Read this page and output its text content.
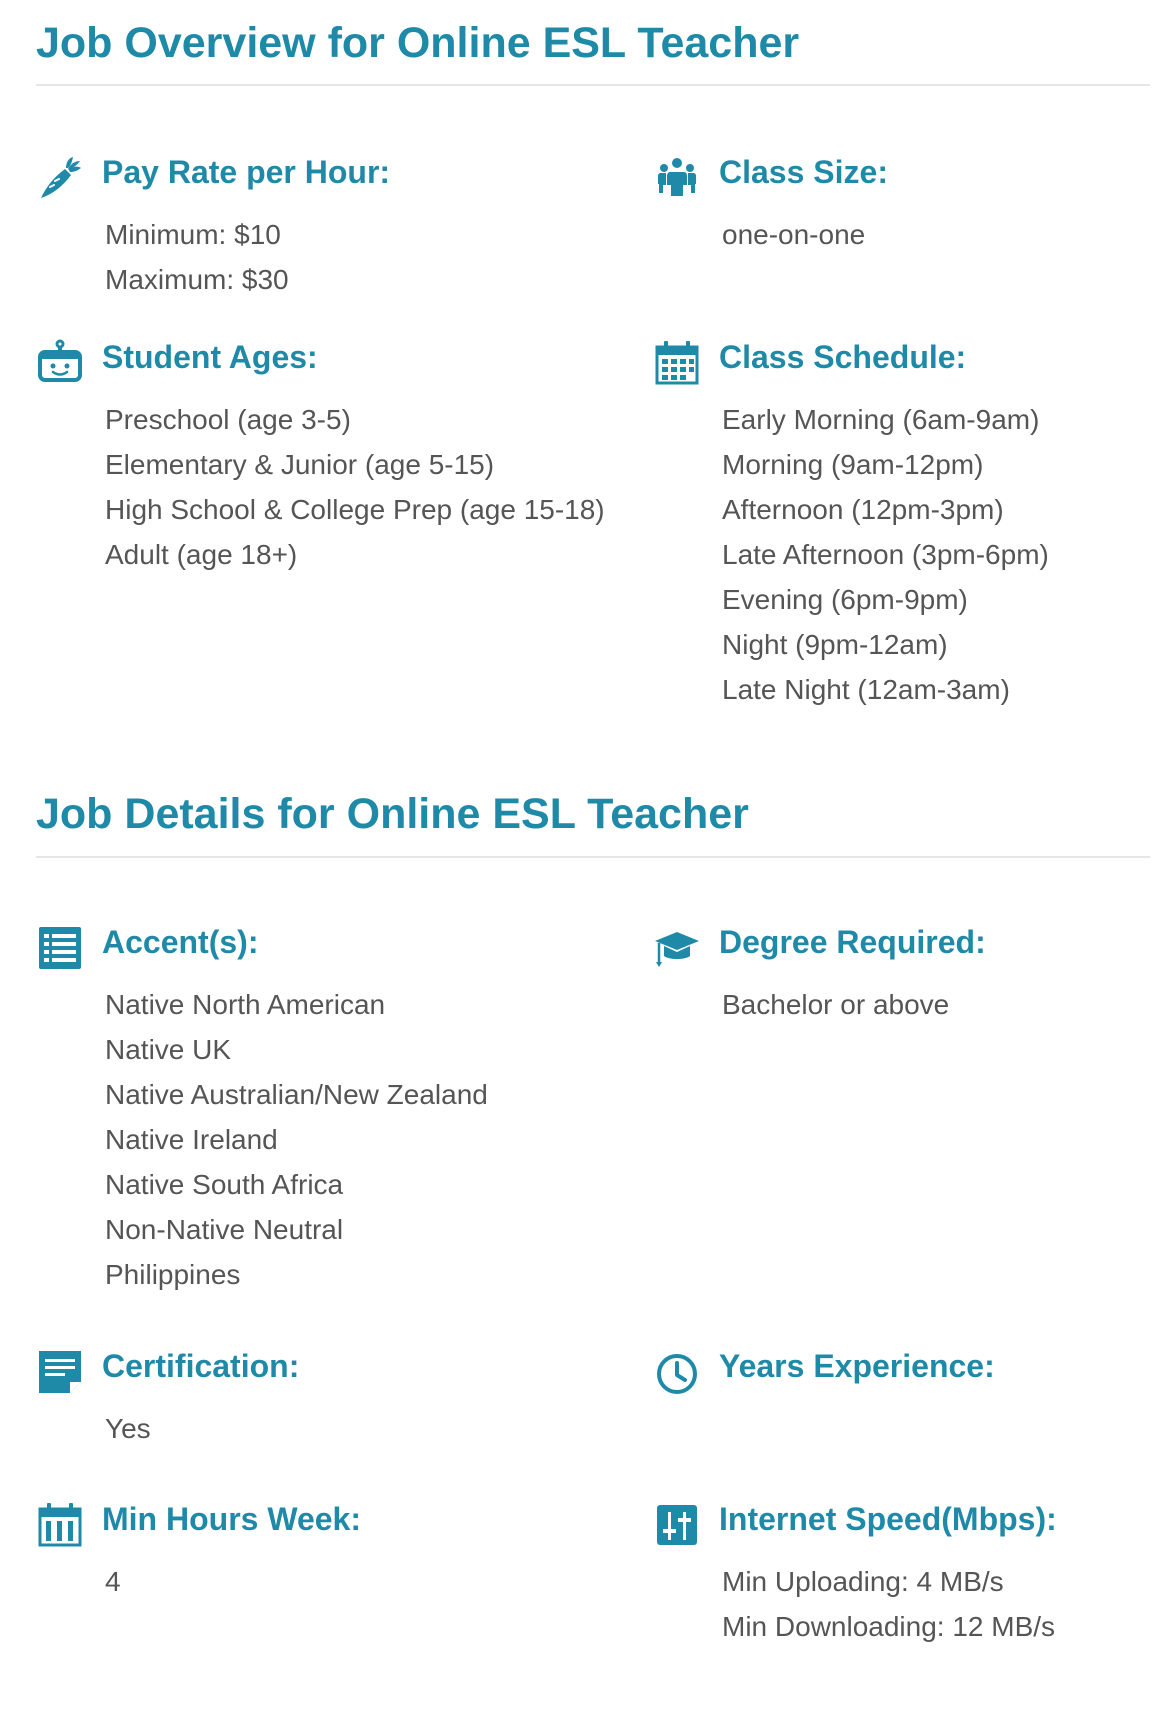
Job Overview for Online ESL Teacher
Pay Rate per Hour:
Minimum: $10
Maximum: $30
Class Size:
one-on-one
Student Ages:
Preschool (age 3-5)
Elementary & Junior (age 5-15)
High School & College Prep (age 15-18)
Adult (age 18+)
Class Schedule:
Early Morning (6am-9am)
Morning (9am-12pm)
Afternoon (12pm-3pm)
Late Afternoon (3pm-6pm)
Evening (6pm-9pm)
Night (9pm-12am)
Late Night (12am-3am)
Job Details for Online ESL Teacher
Accent(s):
Native North American
Native UK
Native Australian/New Zealand
Native Ireland
Native South Africa
Non-Native Neutral
Philippines
Degree Required:
Bachelor or above
Certification:
Yes
Years Experience:
Min Hours Week:
4
Internet Speed(Mbps):
Min Uploading: 4 MB/s
Min Downloading: 12 MB/s
